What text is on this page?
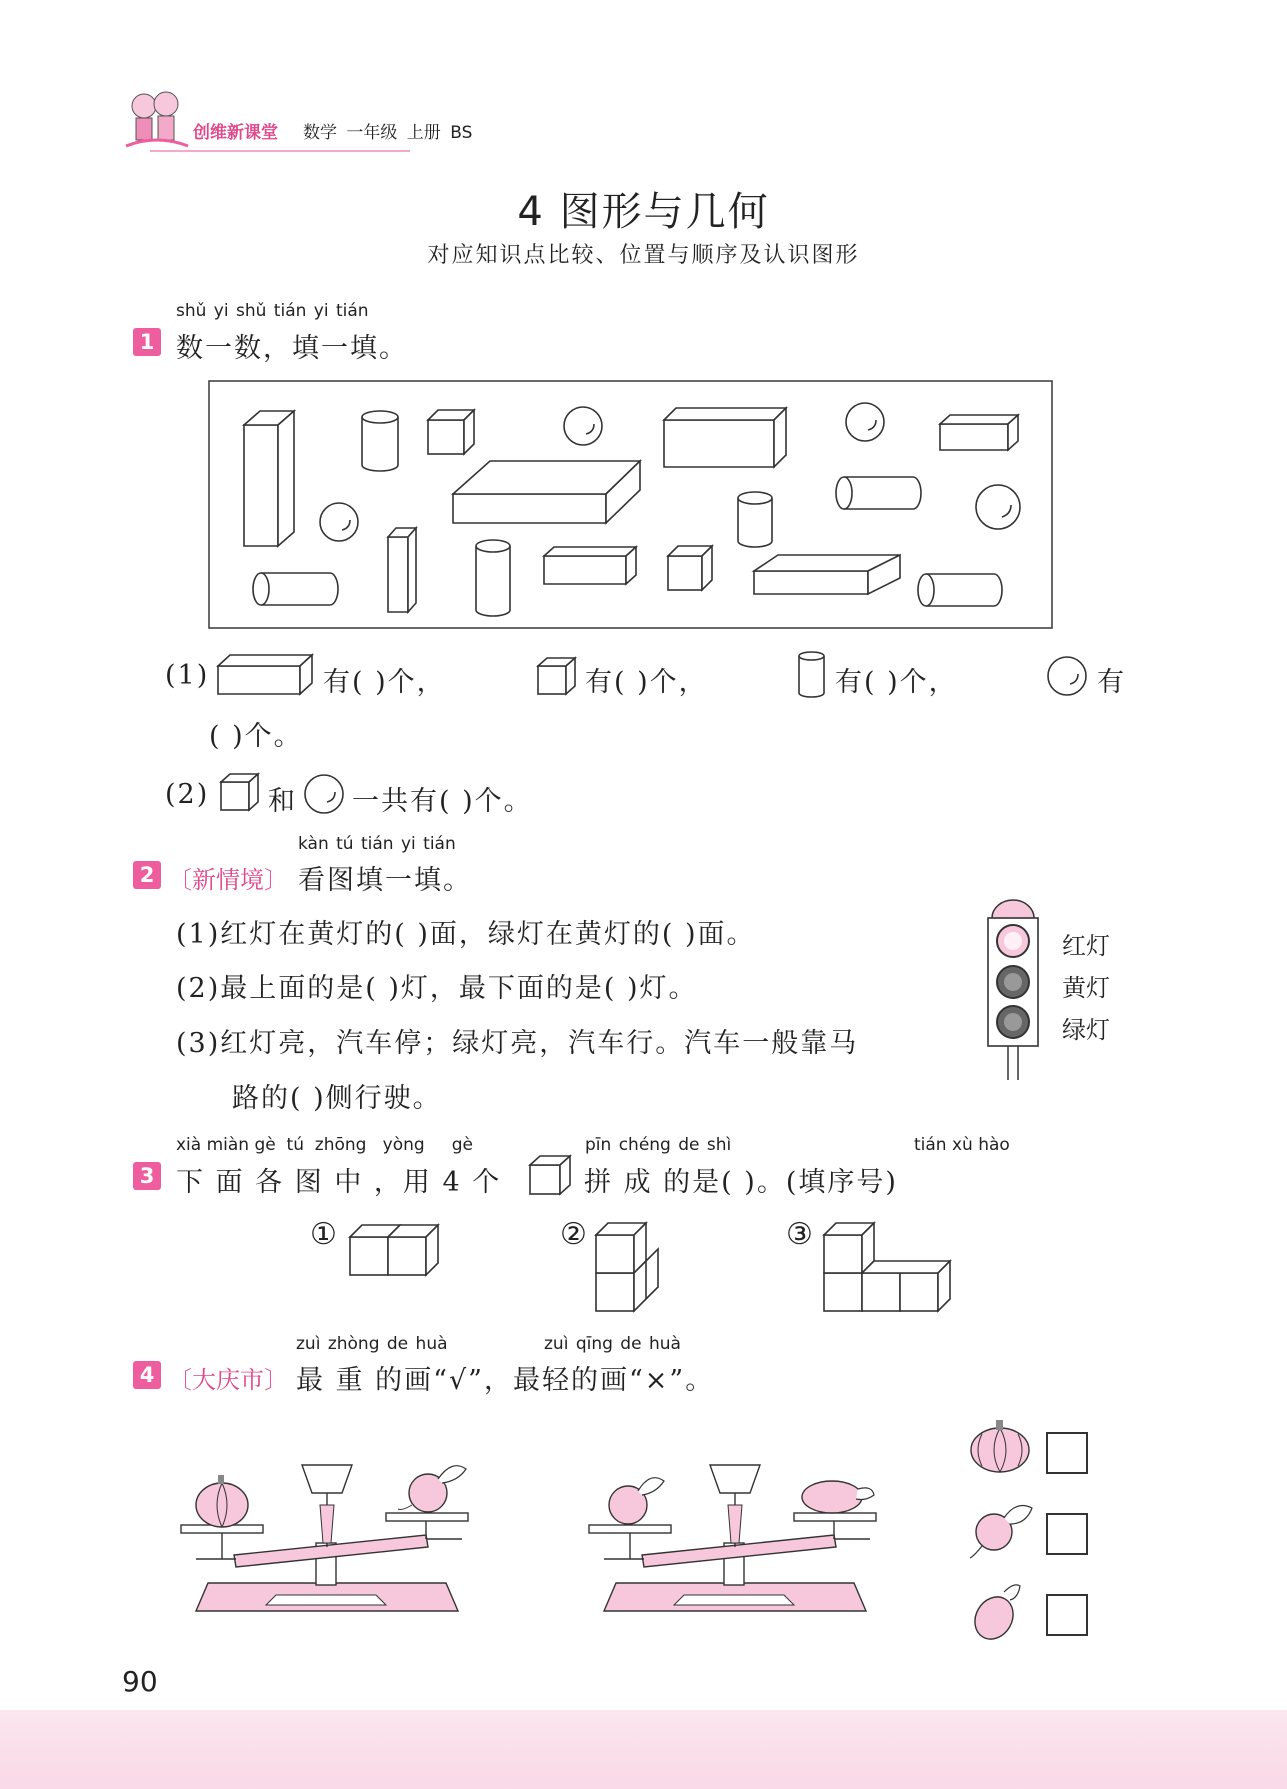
创维新课堂 数学 一年级 上册 BS
4 图形与几何
对应知识点比较、位置与顺序及认识图形
shǔ yi shǔ tián yi tián
1 数一数，填一填。
(1)	有( )个，	有( )个，	有( )个，	有
( )个。
(2) 和 一共有( )个。
kàn tú tián yi tián
2 〔新情境〕 看图填一填。
(1)红灯在黄灯的( )面，绿灯在黄灯的( )面。
(2)最上面的是( )灯，最下面的是( )灯。
(3)红灯亮，汽车停；绿灯亮，汽车行。汽车一般靠马
路的( )侧行驶。
红灯
黄灯
绿灯
xià miàn gè  tú  zhōng   yòng     gè	pīn chéng de shì	tián xù hào
3 下 面 各 图 中 ，用 4 个	拼 成 的是( )。(填序号)
①	②	③
zuì zhòng de huà	zuì qīng de huà
4 〔大庆市〕 最 重 的画“√”，最轻的画“×”。
90
